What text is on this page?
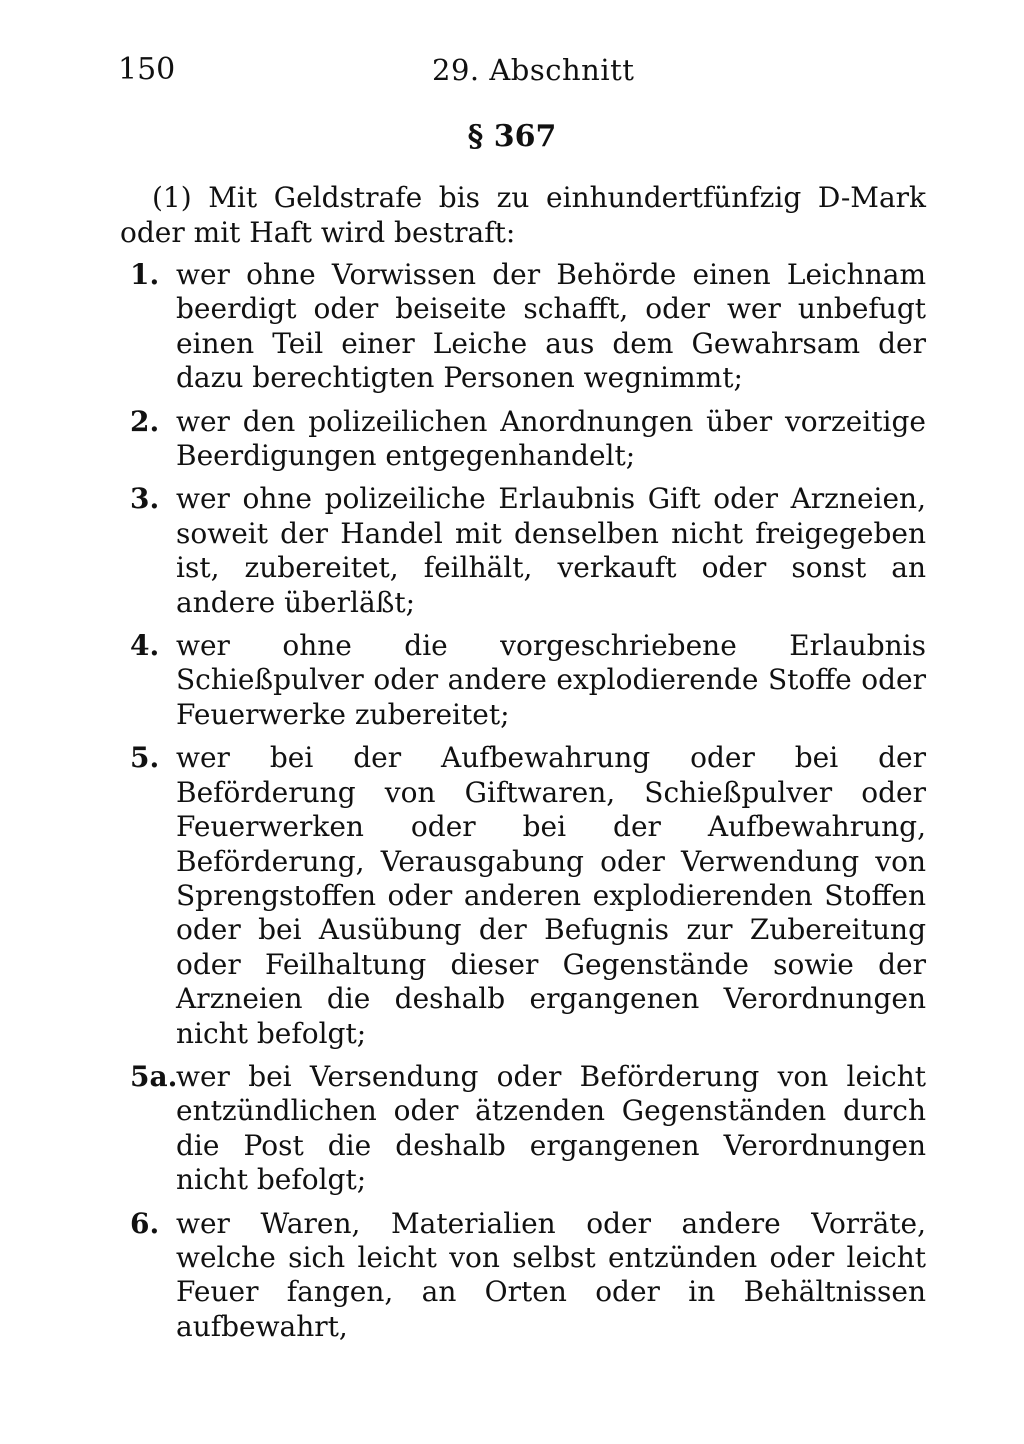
150	29. Abschnitt
§ 367

(1) Mit Geldstrafe bis zu einhundertfünfzig D-Mark oder mit Haft wird bestraft:

1. wer ohne Vorwissen der Behörde einen Leichnam beerdigt oder beiseite schafft, oder wer unbefugt einen Teil einer Leiche aus dem Gewahrsam der dazu berechtigten Personen wegnimmt;
2. wer den polizeilichen Anordnungen über vorzeitige Beerdigungen entgegenhandelt;
3. wer ohne polizeiliche Erlaubnis Gift oder Arzneien, soweit der Handel mit denselben nicht freigegeben ist, zubereitet, feilhält, verkauft oder sonst an andere überläßt;
4. wer ohne die vorgeschriebene Erlaubnis Schießpulver oder andere explodierende Stoffe oder Feuerwerke zubereitet;
5. wer bei der Aufbewahrung oder bei der Beförderung von Giftwaren, Schießpulver oder Feuerwerken oder bei der Aufbewahrung, Beförderung, Verausgabung oder Verwendung von Sprengstoffen oder anderen explodierenden Stoffen oder bei Ausübung der Befugnis zur Zubereitung oder Feilhaltung dieser Gegenstände sowie der Arzneien die deshalb ergangenen Verordnungen nicht befolgt;
5a.
wer bei Versendung oder Beförderung von leicht entzündlichen oder ätzenden Gegenständen durch die Post die deshalb ergangenen Verordnungen nicht befolgt;
6. wer Waren, Materialien oder andere Vorräte, welche sich leicht von selbst entzünden oder leicht Feuer fangen, an Orten oder in Behältnissen aufbewahrt,
